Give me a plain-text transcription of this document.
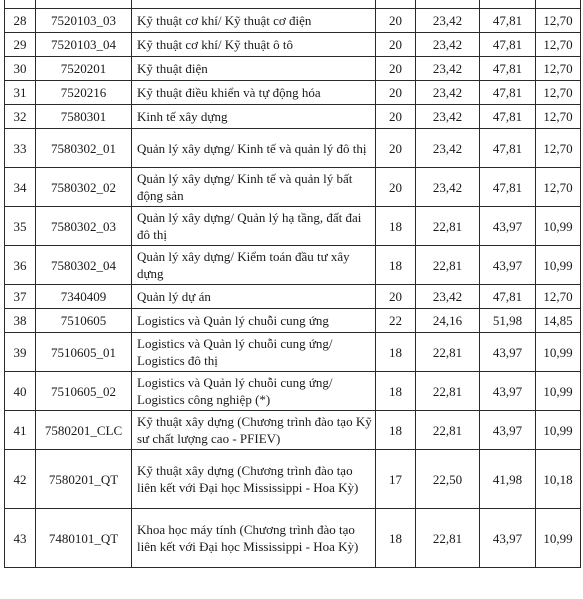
28	7520103_03	Kỹ thuật cơ khí/ Kỹ thuật cơ điện	20	23,42	47,81	12,70
29	7520103_04	Kỹ thuật cơ khí/ Kỹ thuật ô tô	20	23,42	47,81	12,70
30	7520201	Kỹ thuật điện	20	23,42	47,81	12,70
31	7520216	Kỹ thuật điều khiển và tự động hóa	20	23,42	47,81	12,70
32	7580301	Kinh tế xây dựng	20	23,42	47,81	12,70
33	7580302_01	Quản lý xây dựng/ Kinh tế và quản lý đô thị	20	23,42	47,81	12,70
34	7580302_02	Quản lý xây dựng/ Kinh tế và quản lý bất động sản	20	23,42	47,81	12,70
35	7580302_03	Quản lý xây dựng/ Quản lý hạ tầng, đất đai đô thị	18	22,81	43,97	10,99
36	7580302_04	Quản lý xây dựng/ Kiểm toán đầu tư xây dựng	18	22,81	43,97	10,99
37	7340409	Quản lý dự án	20	23,42	47,81	12,70
38	7510605	Logistics và Quản lý chuỗi cung ứng	22	24,16	51,98	14,85
39	7510605_01	Logistics và Quản lý chuỗi cung ứng/ Logistics đô thị	18	22,81	43,97	10,99
40	7510605_02	Logistics và Quản lý chuỗi cung ứng/ Logistics công nghiệp (*)	18	22,81	43,97	10,99
41	7580201_CLC	Kỹ thuật xây dựng (Chương trình đào tạo Kỹ sư chất lượng cao - PFIEV)	18	22,81	43,97	10,99
42	7580201_QT	Kỹ thuật xây dựng (Chương trình đào tạo liên kết với Đại học Mississippi - Hoa Kỳ)	17	22,50	41,98	10,18
43	7480101_QT	Khoa học máy tính (Chương trình đào tạo liên kết với Đại học Mississippi - Hoa Kỳ)	18	22,81	43,97	10,99
